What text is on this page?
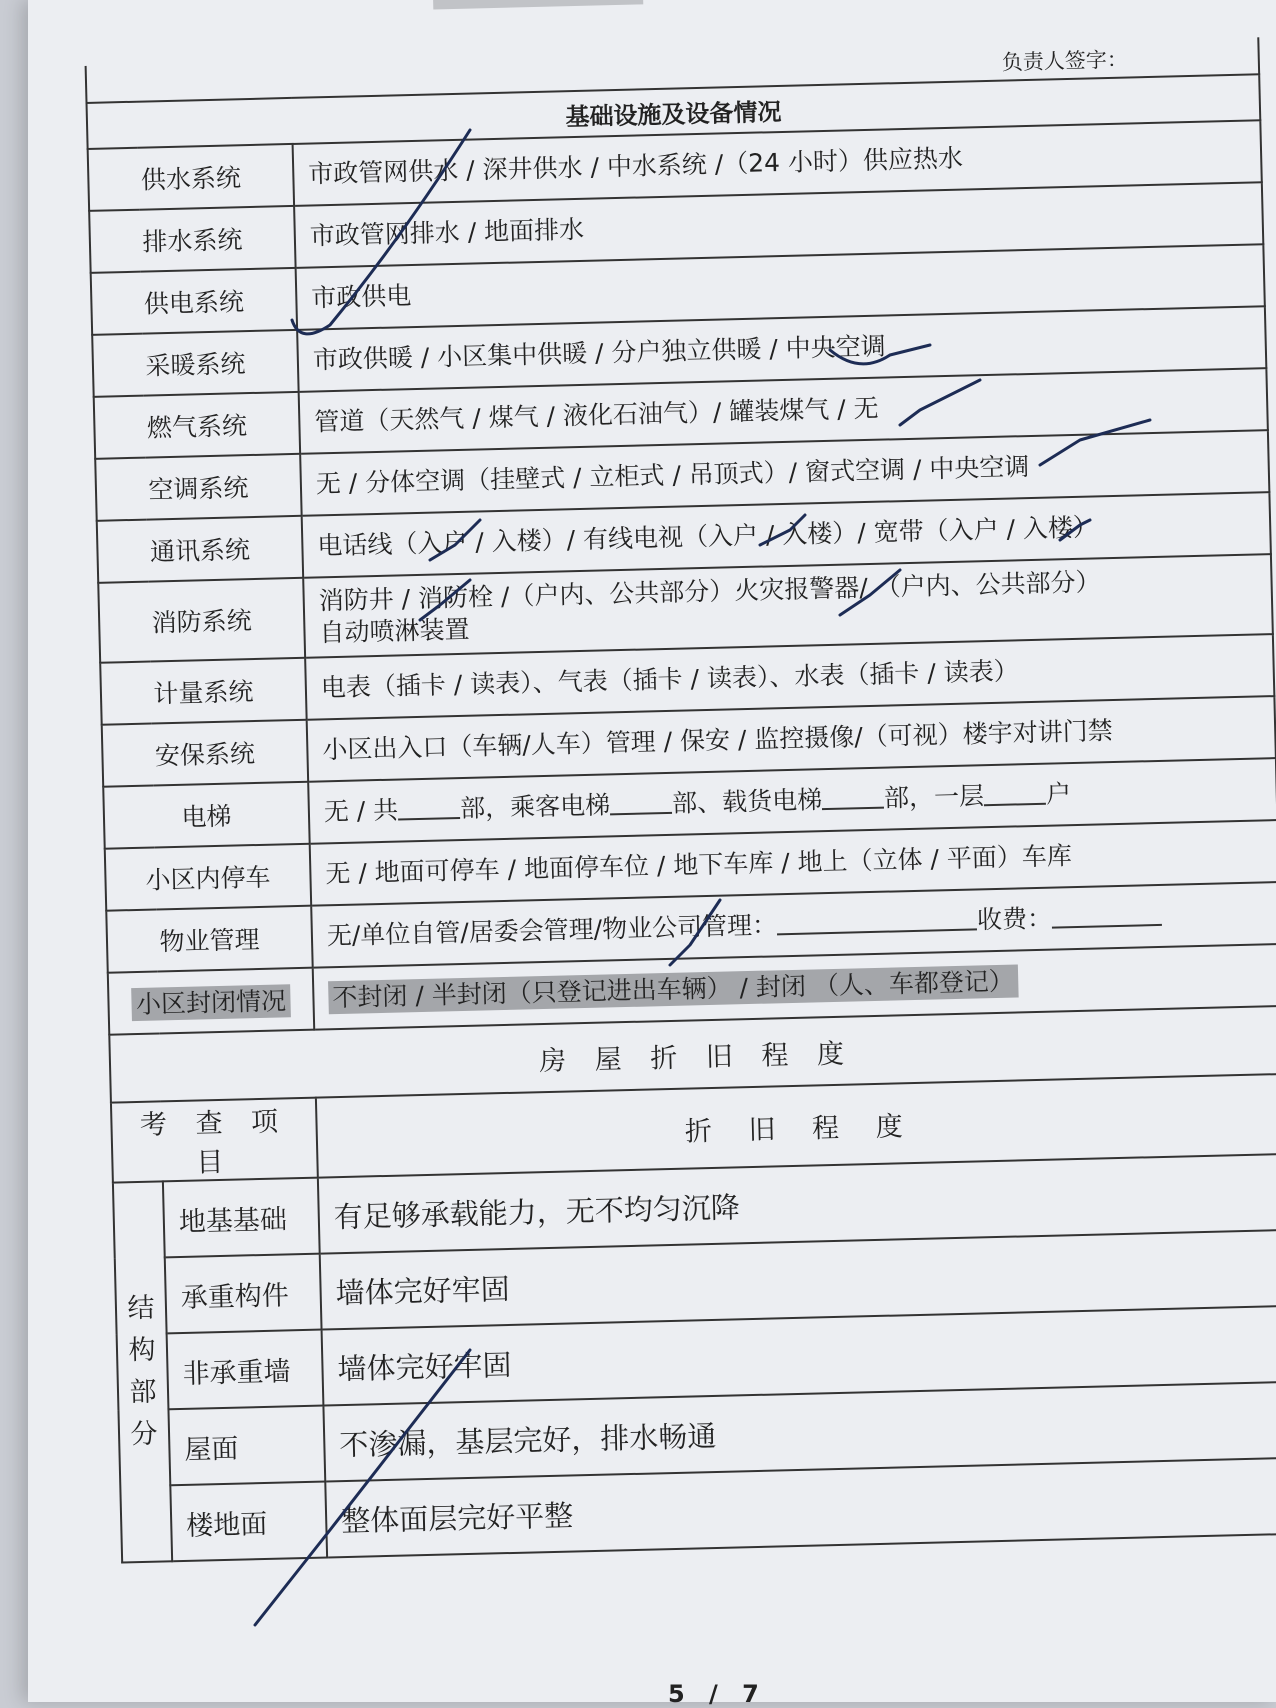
负责人签字：		
基础设施及设备情况		
供水系统		市政管网供水 / 深井供水 / 中水系统 /（24 小时）供应热水
排水系统		市政管网排水 / 地面排水
供电系统		市政供电
采暖系统		市政供暖 / 小区集中供暖 / 分户独立供暖 / 中央空调
燃气系统		管道（天然气 / 煤气 / 液化石油气）/ 罐装煤气 / 无
空调系统		无 / 分体空调（挂壁式 / 立柜式 / 吊顶式）/ 窗式空调 / 中央空调
通讯系统		电话线（入户 / 入楼）/ 有线电视（入户 / 入楼）/ 宽带（入户 / 入楼）
消防系统		消防井 / 消防栓 /（户内、公共部分）火灾报警器/ （户内、公共部分）
自动喷淋装置

计量系统		电表（插卡 / 读表）、气表（插卡 / 读表）、水表（插卡 / 读表）
安保系统		小区出入口（车辆/人车）管理 / 保安 / 监控摄像/（可视）楼宇对讲门禁
电梯		无 / 共 部，乘客电梯 部、载货电梯 部，一层 户
小区内停车		无 / 地面可停车 / 地面停车位 / 地下车库 / 地上（立体 / 平面）车库
物业管理		无/单位自管/居委会管理/物业公司管理： 收费：
小区封闭情况		不封闭 / 半封闭（只登记进出车辆） / 封闭 （人、车都登记）
房 屋 折 旧 程 度		
考 查 项 目		折 旧 程 度

结
构
部
分	地基基础	有足够承载能力，无不均匀沉降
	承重构件	墙体完好牢固
	非承重墙	墙体完好牢固
	屋面	不渗漏，基层完好，排水畅通
	楼地面	整体面层完好平整
5 / 7
